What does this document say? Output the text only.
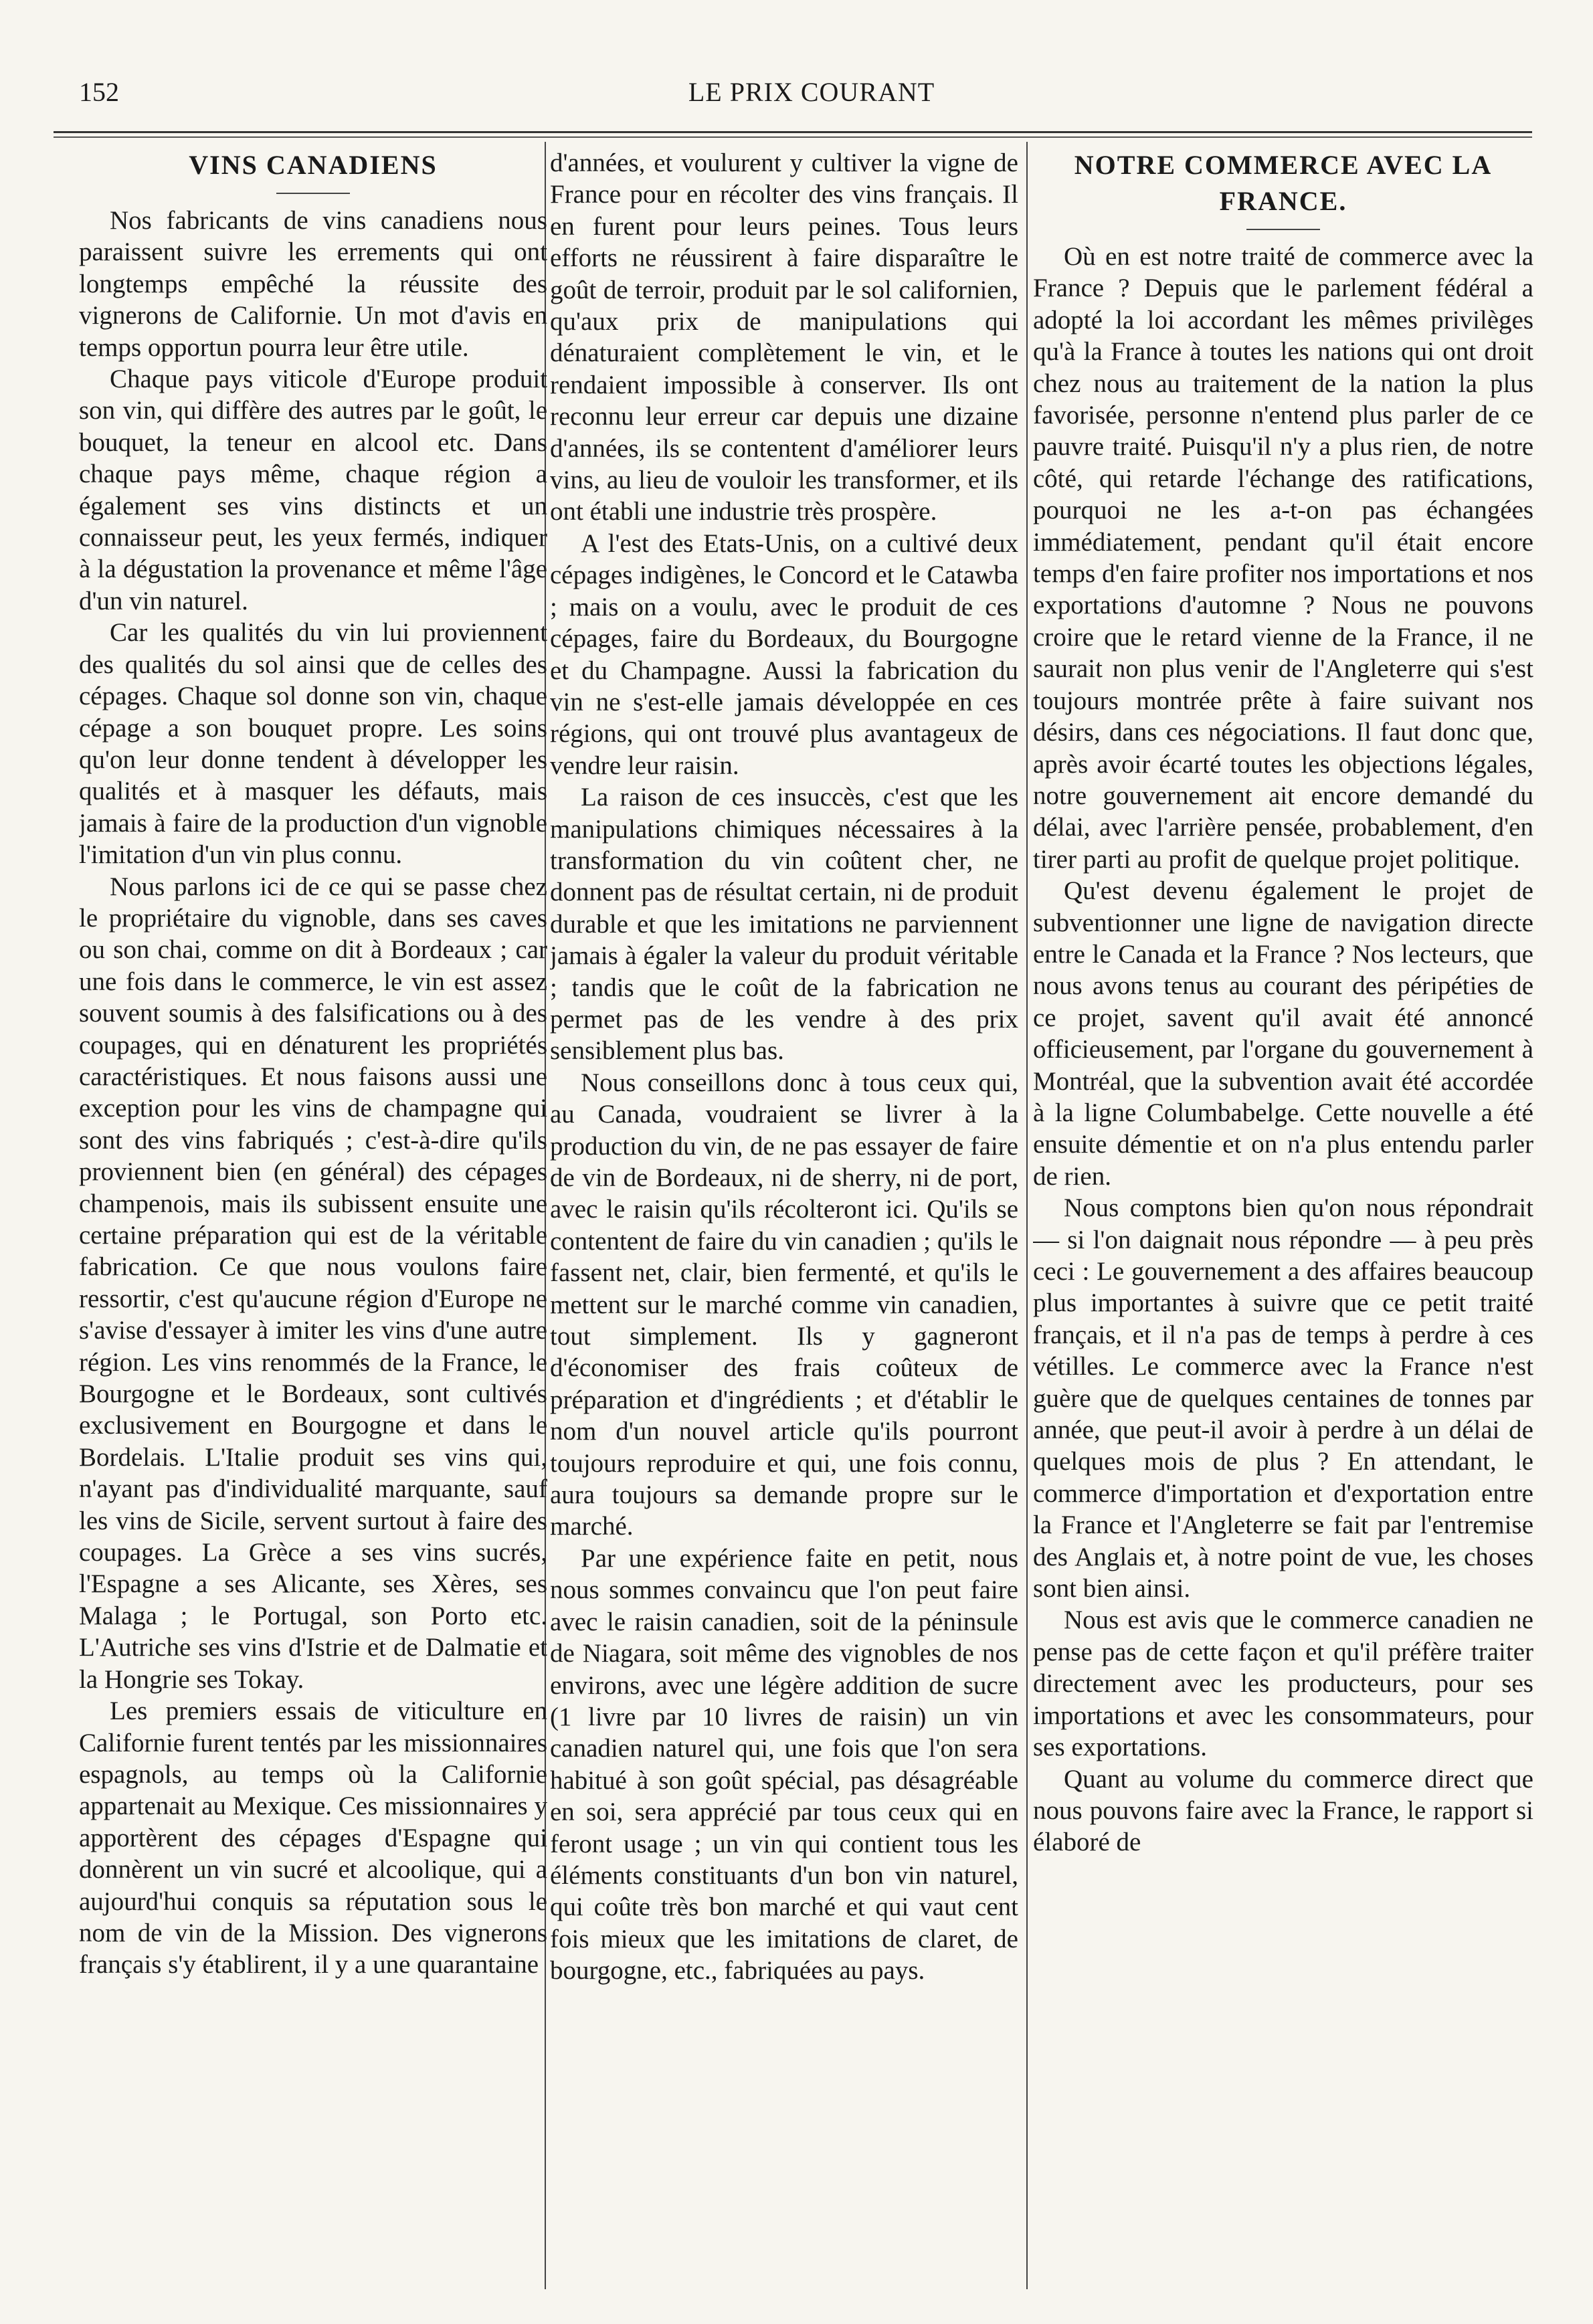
152	LE PRIX COURANT
VINS CANADIENS

Nos fabricants de vins canadiens nous paraissent suivre les errements qui ont longtemps empêché la réussite des vignerons de Californie. Un mot d'avis en temps opportun pourra leur être utile.

Chaque pays viticole d'Europe produit son vin, qui diffère des autres par le goût, le bouquet, la teneur en alcool etc. Dans chaque pays même, chaque région a également ses vins distincts et un connaisseur peut, les yeux fermés, indiquer à la dégustation la provenance et même l'âge d'un vin naturel.

Car les qualités du vin lui proviennent des qualités du sol ainsi que de celles des cépages. Chaque sol donne son vin, chaque cépage a son bouquet propre. Les soins qu'on leur donne tendent à développer les qualités et à masquer les défauts, mais jamais à faire de la production d'un vignoble l'imitation d'un vin plus connu.

Nous parlons ici de ce qui se passe chez le propriétaire du vignoble, dans ses caves ou son chai, comme on dit à Bordeaux ; car une fois dans le commerce, le vin est assez souvent soumis à des falsifications ou à des coupages, qui en dénaturent les propriétés caractéristiques. Et nous faisons aussi une exception pour les vins de champagne qui sont des vins fabriqués ; c'est-à-dire qu'ils proviennent bien (en général) des cépages champenois, mais ils subissent ensuite une certaine préparation qui est de la véritable fabrication. Ce que nous voulons faire ressortir, c'est qu'aucune région d'Europe ne s'avise d'essayer à imiter les vins d'une autre région. Les vins renommés de la France, le Bourgogne et le Bordeaux, sont cultivés exclusivement en Bourgogne et dans le Bordelais. L'Italie produit ses vins qui, n'ayant pas d'individualité marquante, sauf les vins de Sicile, servent surtout à faire des coupages. La Grèce a ses vins sucrés, l'Espagne a ses Alicante, ses Xères, ses Malaga ; le Portugal, son Porto etc. L'Autriche ses vins d'Istrie et de Dalmatie et la Hongrie ses Tokay.

Les premiers essais de viticulture en Californie furent tentés par les missionnaires espagnols, au temps où la Californie appartenait au Mexique. Ces missionnaires y apportèrent des cépages d'Espagne qui donnèrent un vin sucré et alcoolique, qui a aujourd'hui conquis sa réputation sous le nom de vin de la Mission. Des vignerons français s'y établirent, il y a une quarantaine

d'années, et voulurent y cultiver la vigne de France pour en récolter des vins français. Il en furent pour leurs peines. Tous leurs efforts ne réussirent à faire disparaître le goût de terroir, produit par le sol californien, qu'aux prix de manipulations qui dénaturaient complètement le vin, et le rendaient impossible à conserver. Ils ont reconnu leur erreur car depuis une dizaine d'années, ils se contentent d'améliorer leurs vins, au lieu de vouloir les transformer, et ils ont établi une industrie très prospère.

A l'est des Etats-Unis, on a cultivé deux cépages indigènes, le Concord et le Catawba ; mais on a voulu, avec le produit de ces cépages, faire du Bordeaux, du Bourgogne et du Champagne. Aussi la fabrication du vin ne s'est-elle jamais développée en ces régions, qui ont trouvé plus avantageux de vendre leur raisin.

La raison de ces insuccès, c'est que les manipulations chimiques nécessaires à la transformation du vin coûtent cher, ne donnent pas de résultat certain, ni de produit durable et que les imitations ne parviennent jamais à égaler la valeur du produit véritable ; tandis que le coût de la fabrication ne permet pas de les vendre à des prix sensiblement plus bas.

Nous conseillons donc à tous ceux qui, au Canada, voudraient se livrer à la production du vin, de ne pas essayer de faire de vin de Bordeaux, ni de sherry, ni de port, avec le raisin qu'ils récolteront ici. Qu'ils se contentent de faire du vin canadien ; qu'ils le fassent net, clair, bien fermenté, et qu'ils le mettent sur le marché comme vin canadien, tout simplement. Ils y gagneront d'économiser des frais coûteux de préparation et d'ingrédients ; et d'établir le nom d'un nouvel article qu'ils pourront toujours reproduire et qui, une fois connu, aura toujours sa demande propre sur le marché.

Par une expérience faite en petit, nous nous sommes convaincu que l'on peut faire avec le raisin canadien, soit de la péninsule de Niagara, soit même des vignobles de nos environs, avec une légère addition de sucre (1 livre par 10 livres de raisin) un vin canadien naturel qui, une fois que l'on sera habitué à son goût spécial, pas désagréable en soi, sera apprécié par tous ceux qui en feront usage ; un vin qui contient tous les éléments constituants d'un bon vin naturel, qui coûte très bon marché et qui vaut cent fois mieux que les imitations de claret, de bourgogne, etc., fabriquées au pays.

NOTRE COMMERCE AVEC LA
FRANCE.

Où en est notre traité de commerce avec la France ? Depuis que le parlement fédéral a adopté la loi accordant les mêmes privilèges qu'à la France à toutes les nations qui ont droit chez nous au traitement de la nation la plus favorisée, personne n'entend plus parler de ce pauvre traité. Puisqu'il n'y a plus rien, de notre côté, qui retarde l'échange des ratifications, pourquoi ne les a-t-on pas échangées immédiatement, pendant qu'il était encore temps d'en faire profiter nos importations et nos exportations d'automne ? Nous ne pouvons croire que le retard vienne de la France, il ne saurait non plus venir de l'Angleterre qui s'est toujours montrée prête à faire suivant nos désirs, dans ces négociations. Il faut donc que, après avoir écarté toutes les objections légales, notre gouvernement ait encore demandé du délai, avec l'arrière pensée, probablement, d'en tirer parti au profit de quelque projet politique.

Qu'est devenu également le projet de subventionner une ligne de navigation directe entre le Canada et la France ? Nos lecteurs, que nous avons tenus au courant des péripéties de ce projet, savent qu'il avait été annoncé officieusement, par l'organe du gouvernement à Montréal, que la subvention avait été accordée à la ligne Columbabelge. Cette nouvelle a été ensuite démentie et on n'a plus entendu parler de rien.

Nous comptons bien qu'on nous répondrait — si l'on daignait nous répondre — à peu près ceci : Le gouvernement a des affaires beaucoup plus importantes à suivre que ce petit traité français, et il n'a pas de temps à perdre à ces vétilles. Le commerce avec la France n'est guère que de quelques centaines de tonnes par année, que peut-il avoir à perdre à un délai de quelques mois de plus ? En attendant, le commerce d'importation et d'exportation entre la France et l'Angleterre se fait par l'entremise des Anglais et, à notre point de vue, les choses sont bien ainsi.

Nous est avis que le commerce canadien ne pense pas de cette façon et qu'il préfère traiter directement avec les producteurs, pour ses importations et avec les consommateurs, pour ses exportations.

Quant au volume du commerce direct que nous pouvons faire avec la France, le rapport si élaboré de
